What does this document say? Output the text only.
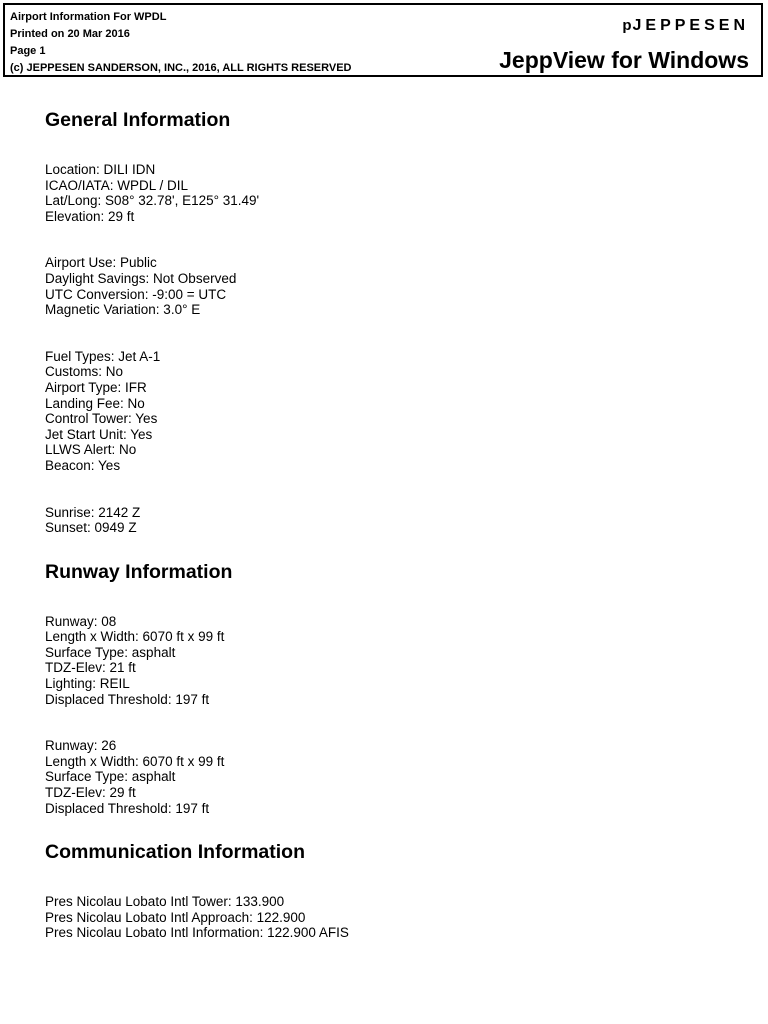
Airport Information For WPDL
Printed on 20 Mar 2016
Page 1
(c) JEPPESEN SANDERSON, INC., 2016, ALL RIGHTS RESERVED
pJEPPESEN
JeppView for Windows
General Information
Location: DILI IDN
ICAO/IATA: WPDL / DIL
Lat/Long: S08° 32.78', E125° 31.49'
Elevation: 29 ft
Airport Use: Public
Daylight Savings: Not Observed
UTC Conversion: -9:00 = UTC
Magnetic Variation: 3.0° E
Fuel Types: Jet A-1
Customs: No
Airport Type: IFR
Landing Fee: No
Control Tower: Yes
Jet Start Unit: Yes
LLWS Alert: No
Beacon: Yes
Sunrise: 2142 Z
Sunset: 0949 Z
Runway Information
Runway: 08
Length x Width: 6070 ft x 99 ft
Surface Type: asphalt
TDZ-Elev: 21 ft
Lighting: REIL
Displaced Threshold: 197 ft
Runway: 26
Length x Width: 6070 ft x 99 ft
Surface Type: asphalt
TDZ-Elev: 29 ft
Displaced Threshold: 197 ft
Communication Information
Pres Nicolau Lobato Intl Tower: 133.900
Pres Nicolau Lobato Intl Approach: 122.900
Pres Nicolau Lobato Intl Information: 122.900 AFIS
